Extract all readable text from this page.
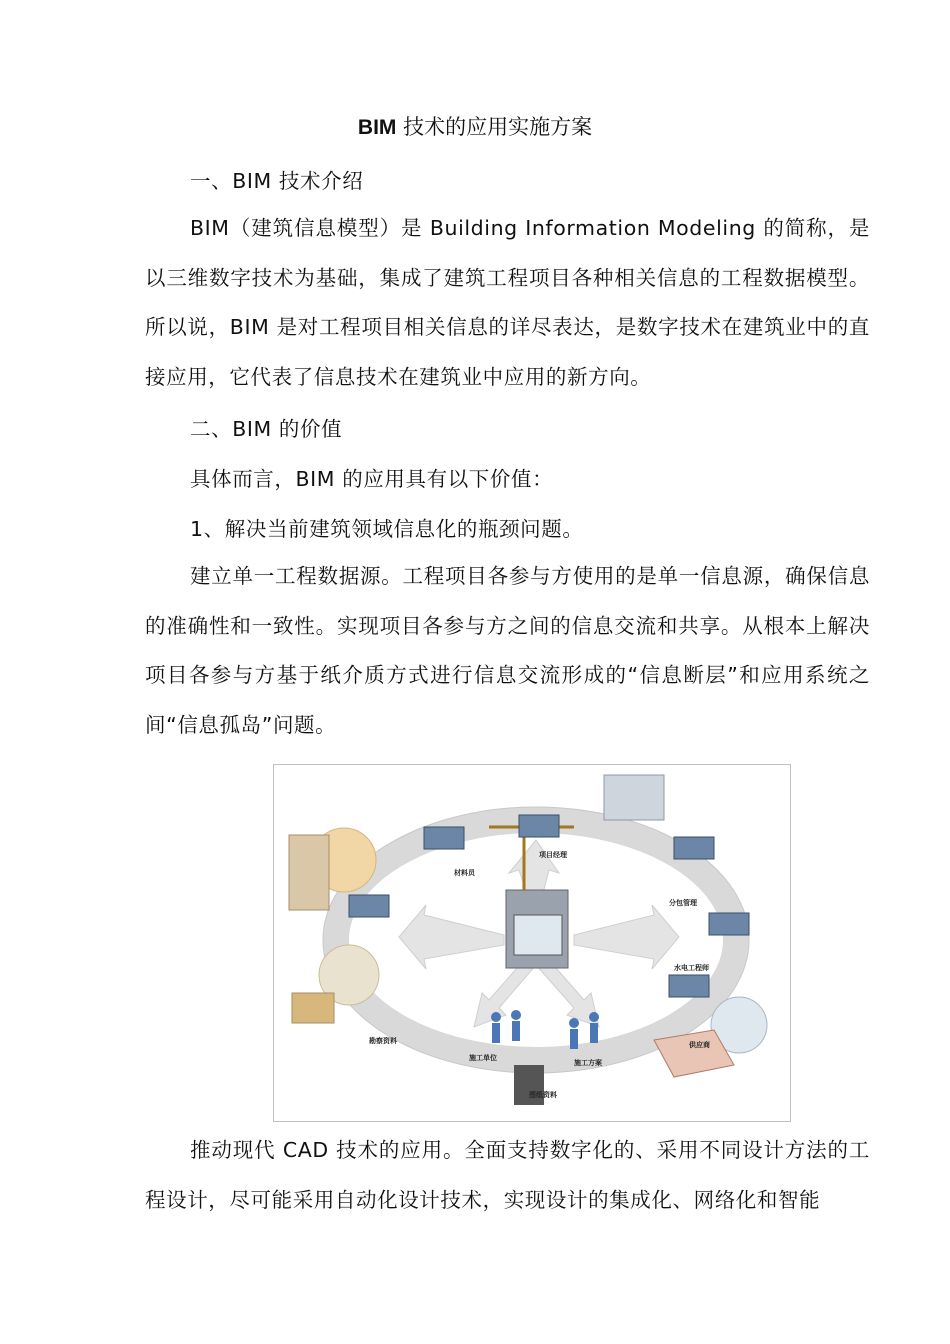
BIM 技术的应用实施方案
一、BIM 技术介绍

BIM（建筑信息模型）是 Building Information Modeling 的简称，是以三维数字技术为基础，集成了建筑工程项目各种相关信息的工程数据模型。所以说，BIM 是对工程项目相关信息的详尽表达，是数字技术在建筑业中的直接应用，它代表了信息技术在建筑业中应用的新方向。

二、BIM 的价值
具体而言，BIM 的应用具有以下价值：
1、解决当前建筑领域信息化的瓶颈问题。

建立单一工程数据源。工程项目各参与方使用的是单一信息源，确保信息的准确性和一致性。实现项目各参与方之间的信息交流和共享。从根本上解决项目各参与方基于纸介质方式进行信息交流形成的“信息断层”和应用系统之间“信息孤岛”问题。

材料员
项目经理
分包管理
水电工程师
供应商
施工单位
施工方案
图纸资料
勘察资料

推动现代 CAD 技术的应用。全面支持数字化的、采用不同设计方法的工程设计，尽可能采用自动化设计技术，实现设计的集成化、网络化和智能
